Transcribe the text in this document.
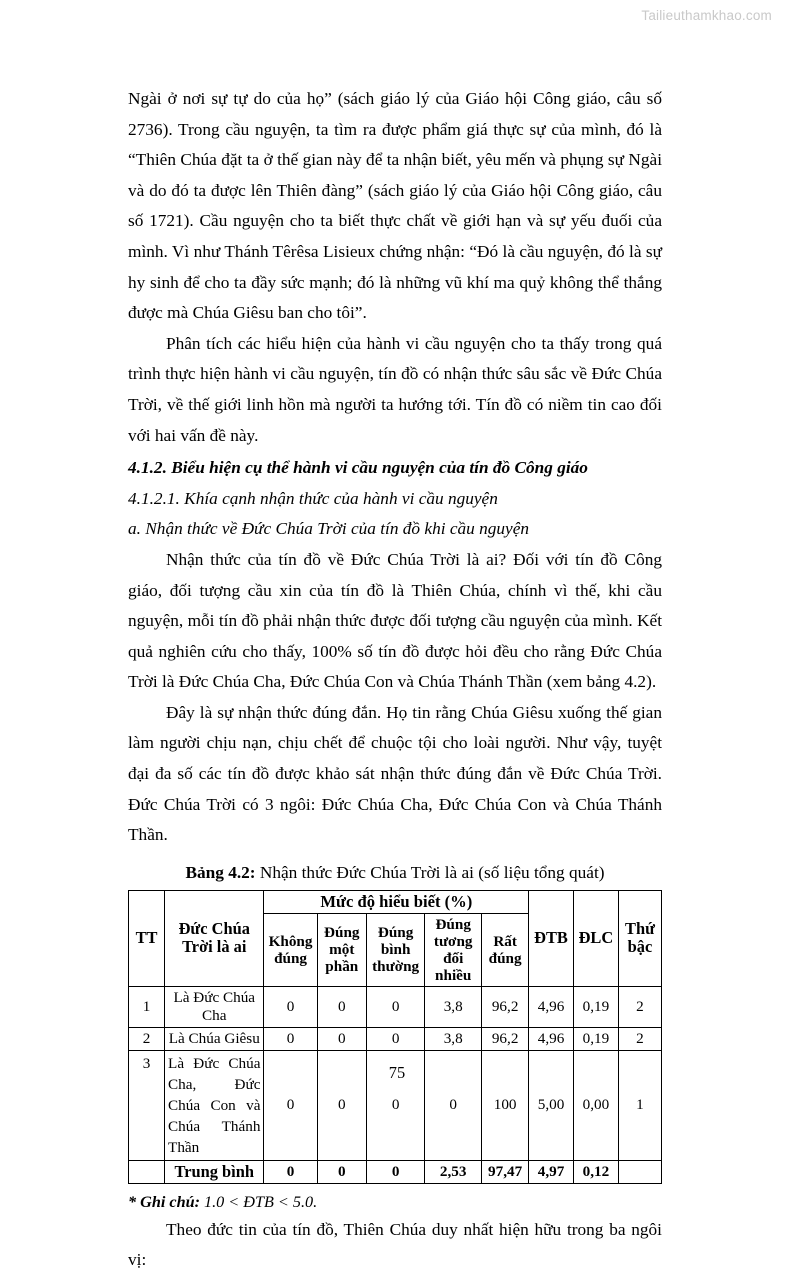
Tailieuthamkhao.com

Ngài ở nơi sự tự do của họ” (sách giáo lý của Giáo hội Công giáo, câu số 2736). Trong cầu nguyện, ta tìm ra được phẩm giá thực sự của mình, đó là “Thiên Chúa đặt ta ở thế gian này để ta nhận biết, yêu mến và phụng sự Ngài và do đó ta được lên Thiên đàng” (sách giáo lý của Giáo hội Công giáo, câu số 1721). Cầu nguyện cho ta biết thực chất về giới hạn và sự yếu đuối của mình. Vì như Thánh Têrêsa Lisieux chứng nhận: “Đó là cầu nguyện, đó là sự hy sinh để cho ta đầy sức mạnh; đó là những vũ khí ma quỷ không thể thắng được mà Chúa Giêsu ban cho tôi”.

Phân tích các hiểu hiện của hành vi cầu nguyện cho ta thấy trong quá trình thực hiện hành vi cầu nguyện, tín đồ có nhận thức sâu sắc về Đức Chúa Trời, về thế giới linh hồn mà người ta hướng tới. Tín đồ có niềm tin cao đối với hai vấn đề này.

4.1.2. Biểu hiện cụ thể hành vi cầu nguyện của tín đồ Công giáo
4.1.2.1. Khía cạnh nhận thức của hành vi cầu nguyện
a. Nhận thức về Đức Chúa Trời của tín đồ khi cầu nguyện

Nhận thức của tín đồ về Đức Chúa Trời là ai? Đối với tín đồ Công giáo, đối tượng cầu xin của tín đồ là Thiên Chúa, chính vì thế, khi cầu nguyện, mỗi tín đồ phải nhận thức được đối tượng cầu nguyện của mình. Kết quả nghiên cứu cho thấy, 100% số tín đồ được hỏi đều cho rằng Đức Chúa Trời là Đức Chúa Cha, Đức Chúa Con và Chúa Thánh Thần (xem bảng 4.2).

Đây là sự nhận thức đúng đắn. Họ tin rằng Chúa Giêsu xuống thế gian làm người chịu nạn, chịu chết để chuộc tội cho loài người. Như vậy, tuyệt đại đa số các tín đồ được khảo sát nhận thức đúng đắn về Đức Chúa Trời. Đức Chúa Trời có 3 ngôi: Đức Chúa Cha, Đức Chúa Con và Chúa Thánh Thần.

Bảng 4.2: Nhận thức Đức Chúa Trời là ai (số liệu tổng quát)
TT	Đức Chúa Trời là ai	Mức độ hiểu biết (%)					ĐTB	ĐLC	Thứ bậc
		Không đúng	Đúng một phần	Đúng bình thường	Đúng tương đối nhiều	Rất đúng			
1	Là Đức Chúa Cha	0	0	0	3,8	96,2	4,96	0,19	2
2	Là Chúa Giêsu	0	0	0	3,8	96,2	4,96	0,19	2
3	Là Đức Chúa Cha, Đức Chúa Con và Chúa Thánh Thần	0	0	0	0	100	5,00	0,00	1
	Trung bình	0	0	0	2,53	97,47	4,97	0,12	

* Ghi chú: 1.0 < ĐTB < 5.0.

Theo đức tin của tín đồ, Thiên Chúa duy nhất hiện hữu trong ba ngôi vị:

75
